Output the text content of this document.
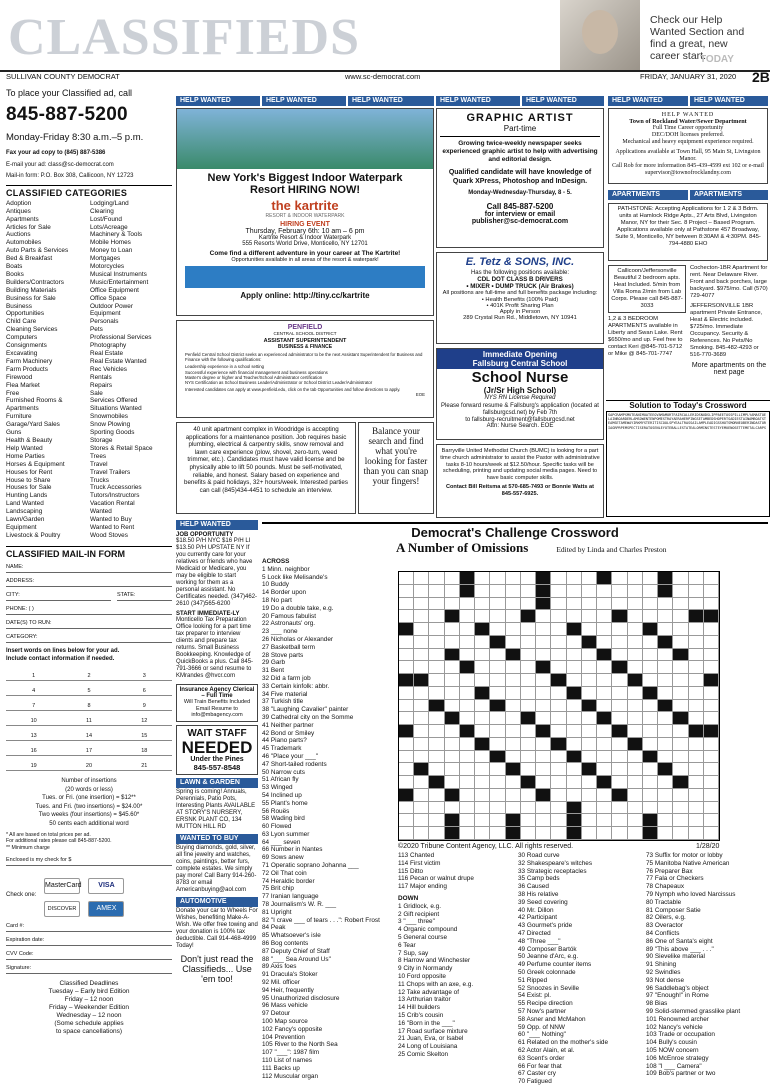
CLASSIFIEDS	Check our Help Wanted Section and find a great, new career start.
TODAY
SULLIVAN COUNTY DEMOCRAT	www.sc-democrat.com	FRIDAY, JANUARY 31, 2020 2B
To place your Classified ad, call
845-887-5200
Monday-Friday 8:30 a.m.–5 p.m.
Fax your ad copy to (845) 887-5386
E-mail your ad: class@sc-democrat.com
Mail-in form: P.O. Box 308, Callicoon, NY 12723
CLASSIFIED CATEGORIES
Adoption
Antiques
Apartments
Articles for Sale
Auctions
Automobiles
Auto Parts & Services
Bed & Breakfast
Boats
Books
Builders/Contractors
Building Materials
Business for Sale
Business
Opportunities
Child Care
Cleaning Services
Computers
Consignments
Excavating
Farm Machinery
Farm Products
Firewood
Flea Market
Free
Furnished Rooms &
Apartments
Furniture
Garage/Yard Sales
Guns
Health & Beauty
Help Wanted
Home Parties
Horses & Equipment
Houses for Rent
House to Share
Houses for Sale
Hunting Lands
Land Wanted
Landscaping
Lawn/Garden
Equipment
Livestock & Poultry
Lodging/Land
Clearing
Lost/Found
Lots/Acreage
Machinery & Tools
Mobile Homes
Money to Loan
Mortgages
Motorcycles
Musical Instruments
Music/Entertainment
Office Equipment
Office Space
Outdoor Power
Equipment
Personals
Pets
Professional Services
Photography
Real Estate
Real Estate Wanted
Rec Vehicles
Rentals
Repairs
Sale
Services Offered
Situations Wanted
Snowmobiles
Snow Plowing
Sporting Goods
Storage
Stores & Retail Space
Trees
Travel
Travel Trailers
Trucks
Truck Accessories
Tutors/Instructors
Vacation Rental
Wanted
Wanted to Buy
Wanted to Rent
Wood Stoves
CLASSIFIED MAIL-IN FORM
NAME:
ADDRESS:
CITY:	STATE:
PHONE: ( )
DATE(S) TO RUN:
CATEGORY:
Insert words on lines below for your ad.
Include contact information if needed.
1	2	3
4	5	6
7	8	9
10	11	12
13	14	15
16	17	18
19	20	21
Number of insertions
(20 words or less)
Tues. or Fri. (one insertion) = $12**
Tues. and Fri. (two insertions) = $24.00*
Two weeks (four insertions) = $45.60*
50 cents each additional word
* All are based on total prices per ad.
For additional rates please call 845-887-5200.
** Minimum charge
Enclosed is my check for $
Check one:
MasterCard VISA
DISCOVER	AMEX
Card #:
Expiration date:
CVV Code:
Signature:
Classified Deadlines
Tuesday – Early bird Edition
Friday – 12 noon
Friday – Weekender Edition
Wednesday – 12 noon
(Some schedule applies
to space cancellations)
HELP WANTED	HELP WANTED	HELP WANTED	HELP WANTED	HELP WANTED	HELP WANTED	HELP WANTED
New York's Biggest Indoor Waterpark Resort HIRING NOW!
the kartrite
RESORT & INDOOR WATERPARK
HIRING EVENT
Thursday, February 6th: 10 am – 6 pm
Kartrite Resort & Indoor Waterpark
555 Resorts World Drive, Monticello, NY 12701
Come find a different adventure in your career at The Kartrite!
Opportunities available in all areas of the resort & waterpark!
Apply online: http://tiny.cc/kartrite
PENFIELD
CENTRAL SCHOOL DISTRICT
ASSISTANT SUPERINTENDENT
BUSINESS & FINANCE
Penfield Central School District seeks an experienced administrator to be the next Assistant Superintendent for Business and Finance with the following qualifications:
Leadership experience in a school setting
Successful experience with financial management and business operations
Master's degree or higher and Teacher/School Administrator certification
NYS Certification as School Business Leader/Administrator or School District Leader/Administrator
Interested candidates can apply at www.penfield.edu, click on the tab Opportunities and follow directions to apply.
EOE
40 unit apartment complex in Woodridge is accepting applications for a maintenance position. Job requires basic plumbing, electrical & carpentry skills, snow removal and lawn care experience (plow, shovel, zero-turn, weed trimmer, etc.). Candidates must have valid license and be physically able to lift 50 pounds. Must be self-motivated, reliable, and honest. Salary based on experience and benefits & paid holidays, 32+ hours/week. Interested parties can call (845)434-4451 to schedule an interview.
Balance your search and find what you're looking for faster than you can snap your fingers!
HELP WANTED
JOB OPPORTUNITY
$18.50 P/H NYC $16 P/H LI $13.50 P/H UPSTATE NY If you currently care for your relatives or friends who have Medicaid or Medicare, you may be eligible to start working for them as a personal assistant. No Certificates needed. (347)462-2610 (347)565-6200
START IMMEDIATE-LY
Monticello Tax Preparation Office looking for a part time tax preparer to interview clients and prepare tax returns. Small Business Bookkeeping. Knowledge of QuickBooks a plus. Call 845-791-3666 or send resume to KMrandes @hvcr.com
Insurance Agency Clerical – Full Time
Will Train Benefits Included Email Resume to info@mbagency.com
WAIT STAFF
NEEDED
Under the Pines
845-557-8548
LAWN & GARDEN
Spring is coming! Annuals, Perennials, Patio Pots, Interesting Plants AVAILABLE AT STORY'S NURSERY, ERSNK PLANT CO, 134 MUTTON HILL RD
WANTED TO BUY
Buying diamonds, gold, silver, all fine jewelry and watches, coins, paintings, better furs, complete estates. We simply pay more! Call Barry 914-260-8783 or email Americanbuying@aol.com
AUTOMOTIVE
Donate your car to Wheels For Wishes, benefiting Make-A-Wish. We offer free towing and your donation is 100% tax deductible. Call 914-468-4999 Today!
Don't just read the Classifieds... Use 'em too!
GRAPHIC ARTIST
Part-time
Growing twice-weekly newspaper seeks experienced graphic artist to help with advertising and editorial design.
Qualified candidate will have knowledge of Quark XPress, Photoshop and InDesign.
Monday-Wednesday-Thursday, 8 - 5.
Call 845-887-5200
for interview or email
publisher@sc-democrat.com
E. Tetz & SONS, INC.
Has the following positions available:
CDL DOT CLASS B DRIVERS
• MIXER • DUMP TRUCK (Air Brakes)
All positions are full-time and full benefits package including:
• Health Benefits (100% Paid)
• 401K Profit Sharing Plan
Apply in Person
289 Crystal Run Rd., Middletown, NY 10941
Immediate Opening
Fallsburg Central School
School Nurse
(Jr/Sr High School)
NYS RN License Required
Please forward resume & Fallsburg's application (located at fallsburgcsd.net) by Feb 7th
to fallsburg-recruitment@fallsburgcsd.net
Attn: Nurse Search. EOE
Barryville United Methodist Church (BUMC) is looking for a part time church administrator to assist the Pastor with administrative tasks 8-10 hours/week at $12.50/hour. Specific tasks will be scheduling, printing and updating social media pages. Need to have basic computer skills.
Contact Bill Reitsma at 570-685-7493 or Bonnie Watts at 845-557-6925.
HELP WANTED
Town of Rockland Water/Sewer Department
Full Time Career opportunity
DEC/DOH licenses preferred.
Mechanical and heavy equipment experience required.
Applications available at Town Hall, 95 Main St, Livingston Manor.
Call Rob for more information 845-439-4599 ext 102 or e-mail supervisor@townofrocklandny.com
APARTMENTS	APARTMENTS
PATHSTONE: Accepting Applications for 1 2 & 3 Bdrm. units at Hamlock Ridge Apts., 27 Arts Blvd, Livingston Manor, NY for their Sec. 8 Project – Based Program. Applications available only at Pathstone 457 Broadway, Suite 9, Monticello, NY between 8:30AM & 4:30PM. 845-794-4880 EHO
Callicoon/Jeffersonville
Beautiful 2 bedroom apts. Heat Included. 5/min from Villa Roma 2/min from Lab Corps. Please call 845-887-3033
1,2 & 3 BEDROOM APARTMENTS available in Liberty and Swan Lake. Rent $650/mo and up. Feel free to contact Keri @845-701-5712 or Mike @ 845-701-7747
Cochecton-1BR Apartment for rent. Near Delaware River. Front and back porches, large backyard. $975/mo. Call (570) 729-4077
JEFFERSONVILLE 1BR apartment Private Entrance, Heat & Electric included. $725/mo. Immediate Occupancy. Security & References. No Pets/No Smoking. 845-482-4293 or 516-770-3689
More apartments on the next page
Solution to Today's Crossword
SAPCRAMPSMUTEANIMOATEEOVAMAMORTFAIRCALLERIDSNUDSLIPPAEETOSSPILLIMPLYAMASTOELAINBOARDERLAMSOWENTENPOMESTRAYAERAHERPINGSETAMBEDSHOPERTSADIESTAINAMBOATSTEAMSETAMEWAYIRKMYSTERITISCOOLSPYEALTRASSAILAMPLEADIGSSHOTSMORNEOBERINDASTORIAGRPRPEMSPECTISERATOSENLEYOTEBALLESTATEALORMINSTESTEYEMUENOSETTEMETALCARPS
Democrat's Challenge Crossword
A Number of Omissions	Edited by Linda and Charles Preston
ACROSS
1 Minn. neighbor
5 Lock like Melisande's
10 Buddy
14 Border upon
18 No part
19 Do a double take, e.g.
20 Famous fabulist
22 Astronauts' org.
23 ___ none
26 Nicholas or Alexander
27 Basketball term
28 Stove parts
29 Garb
31 Bent
32 Did a farm job
33 Certain kinfolk: abbr.
34 Five material
37 Turkish title
38 "Laughing Cavalier" painter
39 Cathedral city on the Somme
41 Neither partner
42 Bond or Smiley
44 Piano parts?
45 Trademark
46 "Place your ___"
47 Short-tailed rodents
50 Narrow cuts
51 African fly
53 Winged
54 Inclined up
55 Plant's home
56 Rouës
58 Wading bird
60 Flowed
63 Lyon summer
64 ___ seven
66 Number in Nantes
69 Sows anew
71 Operatic soprano Johanna ___
72 Oil That coin
74 Heraldic border
75 Brit chip
77 Iranian language
78 Journalism's W. R. ___
81 Upright
82 "I crave ___ of tears . . .": Robert Frost
84 Peak
85 Whatsoever's isle
86 Bog contents
87 Deputy Chief of Staff
88 "___ Sea Around Us"
89 Axis foes
91 Dracula's Stoker
92 Mil. officer
94 Heir, frequently
95 Unauthorized disclosure
96 Mass vehicle
97 Detour
100 Map source
102 Fancy's opposite
104 Prevention
105 River to the North Sea
107 "___": 1987 film
110 List of names
111 Backs up
112 Muscular organ
©2020 Tribune Content Agency, LLC. All rights reserved.	1/28/20
113 Chanted
114 First victim
115 Ditto
116 Pecan or walnut drupe
117 Major ending
DOWN
1 Gridlock, e.g.
2 Gift recipient
3 "___ three"
4 Organic compound
5 General course
6 Tear
7 Sup, say
8 Harrow and Winchester
9 City in Normandy
10 Ford opposite
11 Chops with an axe, e.g.
12 Take advantage of
13 Arthurian traitor
14 Hill builders
15 Crib's cousin
16 "Born in the ___"
17 Road surface mixture
21 Juan, Eva, or Isabel
24 Long of Louisiana
25 Comic Skelton
30 Road curve
32 Shakespeare's witches
33 Strategic receptacles
35 Camp beds
36 Caused
38 His relative
39 Seed covering
40 Mr. Dillon
42 Participant
43 Gourmet's pride
47 Directed
48 "Three ___"
49 Composer Bartók
50 Jeanne d'Arc, e.g.
49 Perfume counter items
50 Greek colonnade
51 Ripped
52 Snoozes in Seville
54 Exist: pl.
55 Recipe direction
57 Now's partner
58 Asner and McMahon
59 Opp. of NNW
60 "___ Nothing"
61 Related on the mother's side
62 Actor Alain, et al.
63 Scent's order
66 For fear that
67 Caster cry
70 Fatigued
73 Suffix for motor or lobby
75 Manitoba Native American
76 Preparer Bax
77 Fala or Checkers
78 Chapeaux
79 Nymph who loved Narcissus
80 Tractable
81 Composer Satie
82 Oilers, e.g.
83 Overactor
84 Conflicts
86 One of Santa's eight
89 "This above ___ . . ."
90 Sievelike material
91 Shining
92 Swindles
93 Not dense
96 Saddlebag's object
97 "Enough!" in Rome
98 Bias
99 Solid-stemmed grasslike plant
101 Renowned archer
102 Nancy's vehicle
103 Trade or occupation
104 Bully's cousin
105 NOW concern
106 McEnroe strategy
108 "I ___ Camera"
109 Bob's partner or two
